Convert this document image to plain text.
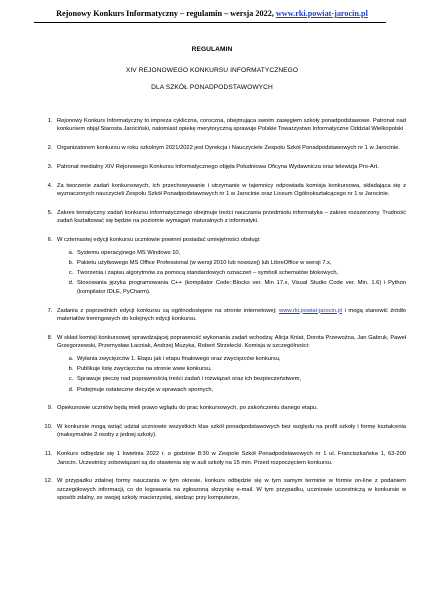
Rejonowy Konkurs Informatyczny – regulamin – wersja 2022, www.rki.powiat-jarocin.pl
REGULAMIN
XIV REJONOWEGO KONKURSU INFORMATYCZNEGO
DLA SZKÓŁ PONADPODSTAWOWYCH
1. Rejonowy Konkurs Informatyczny to impreza cykliczna, coroczna, obejmująca swoim zasięgiem szkoły ponadpodstawowe. Patronat nad konkursem objął Starosta Jarociński, natomiast opiekę merytoryczną sprawuje Polskie Towarzystwo Informatyczne Oddział Wielkopolski
2. Organizatorem konkursu w roku szkolnym 2021/2022 jest Dyrekcja i Nauczyciele Zespołu Szkół Ponadpodstawowych nr 1 w Jarocinie.
3. Patronat medialny XIV Rejonowego Konkursu Informatycznego objęła Południowa Oficyna Wydawnicza oraz telewizja Pro-Art.
4. Za tworzenie zadań konkursowych, ich przechowywanie i utrzymanie w tajemnicy odpowiada komisja konkursowa, składająca się z wyznaczonych nauczycieli Zespołu Szkół Ponadpodstawowych nr 1 w Jarocinie oraz Liceum Ogólnokształcącego nr 1 w Jarocinie.
5. Zakres tematyczny zadań konkursu informatycznego obejmuje treści nauczania przedmiotu informatyka – zakres rozszerzony. Trudność zadań kształtować się będzie na poziomie wymagań maturalnych z informatyki.
6. W czternastej edycji konkursu uczniowie powinni posiadać umiejętności obsługi:
a. Systemu operacyjnego MS Windows 10,
b. Pakietu użytkowego MS Office Professional (w wersji 2010 lub nowszej) lub LibreOffice w wersji 7.x,
c. Tworzenia i zapisu algorytmów za pomocą standardowych oznaczeń – symboli schematów blokowych,
d. Stosowania języka programowania C++ (kompilator Code::Blocks ver. Min 17.x, Visual Studio Code ver. Min. 1.6) i Python (kompilator IDLE, PyCharm).
7. Zadania z poprzednich edycji konkursu są ogólnodostępne na stronie internetowej: www.rki.powiat-jarocin.pl i mogą stanowić źródło materiałów treningowych do kolejnych edycji konkursu.
8. W skład komisji konkursowej sprawdzającej poprawność wykonania zadań wchodzą: Alicja Kniat, Dorota Przewoźna, Jan Gabruk, Paweł Grzegorzewski, Przemysław Łacniak, Andrzej Muzyka, Robert Strzelecki. Komisja w szczególności:
a. Wyłania zwycięzców 1. Etapu jak i etapu finałowego oraz zwycięzców konkursu,
b. Publikuje listę zwycięzców na stronie www konkursu,
c. Sprawuje pieczę nad poprawnością treści zadań i rozwiązań oraz ich bezpieczeństwem,
d. Podejmuje ostateczne decyzje w sprawach spornych,
9. Opiekunowie uczniów będą mieli prawo wglądu do prac konkursowych, po zakończeniu danego etapu.
10. W konkursie mogą wziąć udział uczniowie wszystkich klas szkół ponadpodstawowych bez względu na profil szkoły i formę kształcenia (maksymalnie 2 osoby z jednej szkoły).
11. Konkurs odbędzie się 1 kwietnia 2022 r. o godzinie 8:30 w Zespole Szkół Ponadpodstawowych nr 1 ul. Franciszkańska 1, 63-200 Jarocin. Uczestnicy zobowiązani są do stawienia się w auli szkoły na 15 min. Przed rozpoczęciem konkursu.
12. W przypadku zdalnej formy nauczania w tym okresie, konkurs odbędzie się w tym samym terminie w formie on-line z podaniem szczegółowych informacji, co do logowania na zgłoszoną skrzynkę e-mail. W tym przypadku, uczniowie uczestniczą w konkursie w sposób zdalny, ze swojej szkoły macierzystej, siedząc przy komputerze,
